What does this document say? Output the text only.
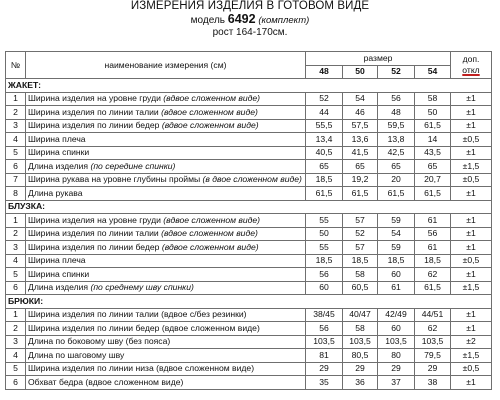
ИЗМЕРЕНИЯ ИЗДЕЛИЯ В ГОТОВОМ ВИДЕ
модель 6492 (комплект)
рост 164-170см.
№	наименование измерения (см)	размер				доп.
откл

		48	50	52	54	
ЖАКЕТ:						
1	Ширина изделия на уровне груди (вдвое сложенном виде)	52	54	56	58	±1
2	Ширина изделия по линии талии (вдвое сложенном виде)	44	46	48	50	±1
3	Ширина изделия по линии бедер (вдвое сложенном виде)	55,5	57,5	59,5	61,5	±1
4	Ширина плеча	13,4	13,6	13,8	14	±0,5
5	Ширина спинки	40,5	41,5	42,5	43,5	±1
6	Длина изделия (по середине спинки)	65	65	65	65	±1,5
7	Ширина рукава на уровне глубины проймы (в двое сложенном виде)	18,5	19,2	20	20,7	±0,5
8	Длина рукава	61,5	61,5	61,5	61,5	±1
БЛУЗКА:						
1	Ширина изделия на уровне груди (вдвое сложенном виде)	55	57	59	61	±1
2	Ширина изделия по линии талии (вдвое сложенном виде)	50	52	54	56	±1
3	Ширина изделия по линии бедер (вдвое сложенном виде)	55	57	59	61	±1
4	Ширина плеча	18,5	18,5	18,5	18,5	±0,5
5	Ширина спинки	56	58	60	62	±1
6	Длина изделия (по среднему шву спинки)	60	60,5	61	61,5	±1,5
БРЮКИ:						
1	Ширина изделия по линии талии (вдвое с/без резинки)	38/45	40/47	42/49	44/51	±1
2	Ширина изделия по линии бедер (вдвое сложенном виде)	56	58	60	62	±1
3	Длина по боковому шву (без пояса)	103,5	103,5	103,5	103,5	±2
4	Длина по шаговому шву	81	80,5	80	79,5	±1,5
5	Ширина изделия по линии низа (вдвое сложенном виде)	29	29	29	29	±0,5
6	Обхват бедра (вдвое сложенном виде)	35	36	37	38	±1
